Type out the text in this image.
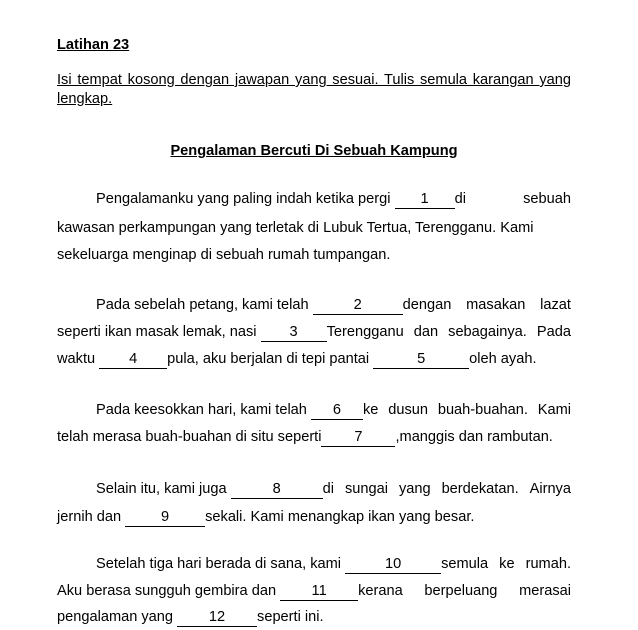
Latihan 23
Isi tempat kosong dengan jawapan yang sesuai. Tulis semula karangan yang lengkap.
Pengalaman Bercuti Di Sebuah Kampung
Pengalamanku yang paling indah ketika pergi 1 di	sebuah
kawasan perkampungan yang terletak di Lubuk Tertua, Terengganu. Kami
sekeluarga menginap di sebuah rumah tumpangan.
Pada sebelah petang, kami telah	2	dengan masakan lazat
seperti ikan masak lemak, nasi 3 Terengganu dan sebagainya. Pada
waktu	4 pula, aku berjalan di tepi pantai	5	oleh ayah.
Pada keesokkan hari, kami telah 6 ke dusun buah-buahan. Kami
telah merasa buah-buahan di situ seperti	7 ,manggis dan rambutan.
Selain itu, kami juga	8	di sungai yang berdekatan. Airnya
jernih dan	9 sekali. Kami menangkap ikan yang besar.
Setelah tiga hari berada di sana, kami	10	semula ke rumah.
Aku berasa sungguh gembira dan 11 kerana berpeluang merasai
pengalaman yang	12 seperti ini.
